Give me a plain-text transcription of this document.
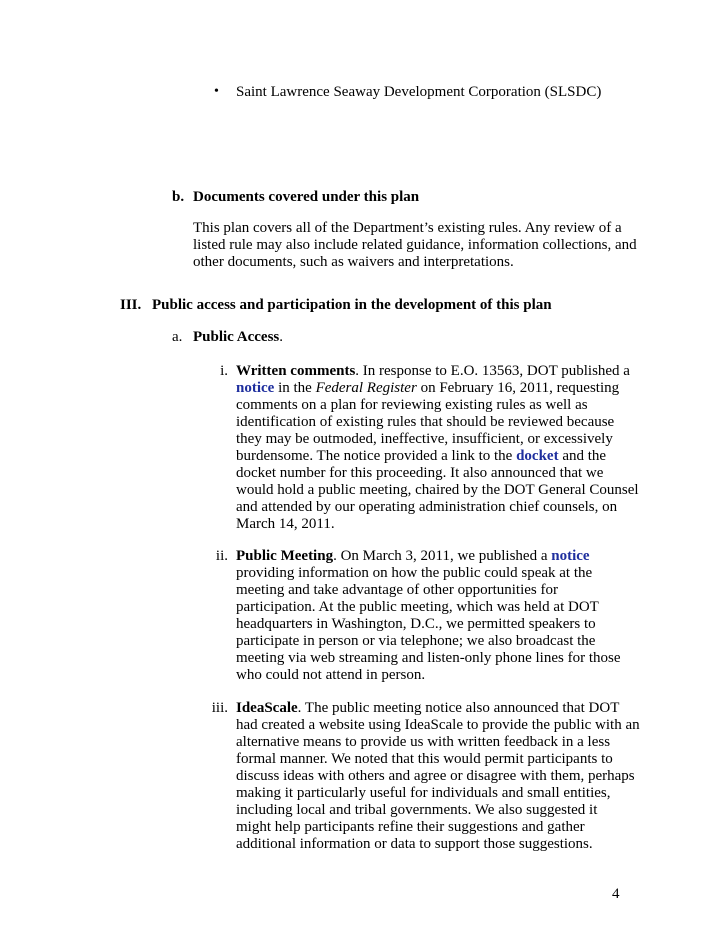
• Saint Lawrence Seaway Development Corporation (SLSDC)
b. Documents covered under this plan
This plan covers all of the Department’s existing rules. Any review of a
listed rule may also include related guidance, information collections, and
other documents, such as waivers and interpretations.
III. Public access and participation in the development of this plan
a. Public Access.
i. Written comments. In response to E.O. 13563, DOT published a
notice in the Federal Register on February 16, 2011, requesting
comments on a plan for reviewing existing rules as well as
identification of existing rules that should be reviewed because
they may be outmoded, ineffective, insufficient, or excessively
burdensome. The notice provided a link to the docket and the
docket number for this proceeding. It also announced that we
would hold a public meeting, chaired by the DOT General Counsel
and attended by our operating administration chief counsels, on
March 14, 2011.
ii. Public Meeting. On March 3, 2011, we published a notice
providing information on how the public could speak at the
meeting and take advantage of other opportunities for
participation. At the public meeting, which was held at DOT
headquarters in Washington, D.C., we permitted speakers to
participate in person or via telephone; we also broadcast the
meeting via web streaming and listen-only phone lines for those
who could not attend in person.
iii. IdeaScale. The public meeting notice also announced that DOT
had created a website using IdeaScale to provide the public with an
alternative means to provide us with written feedback in a less
formal manner. We noted that this would permit participants to
discuss ideas with others and agree or disagree with them, perhaps
making it particularly useful for individuals and small entities,
including local and tribal governments. We also suggested it
might help participants refine their suggestions and gather
additional information or data to support those suggestions.
4
